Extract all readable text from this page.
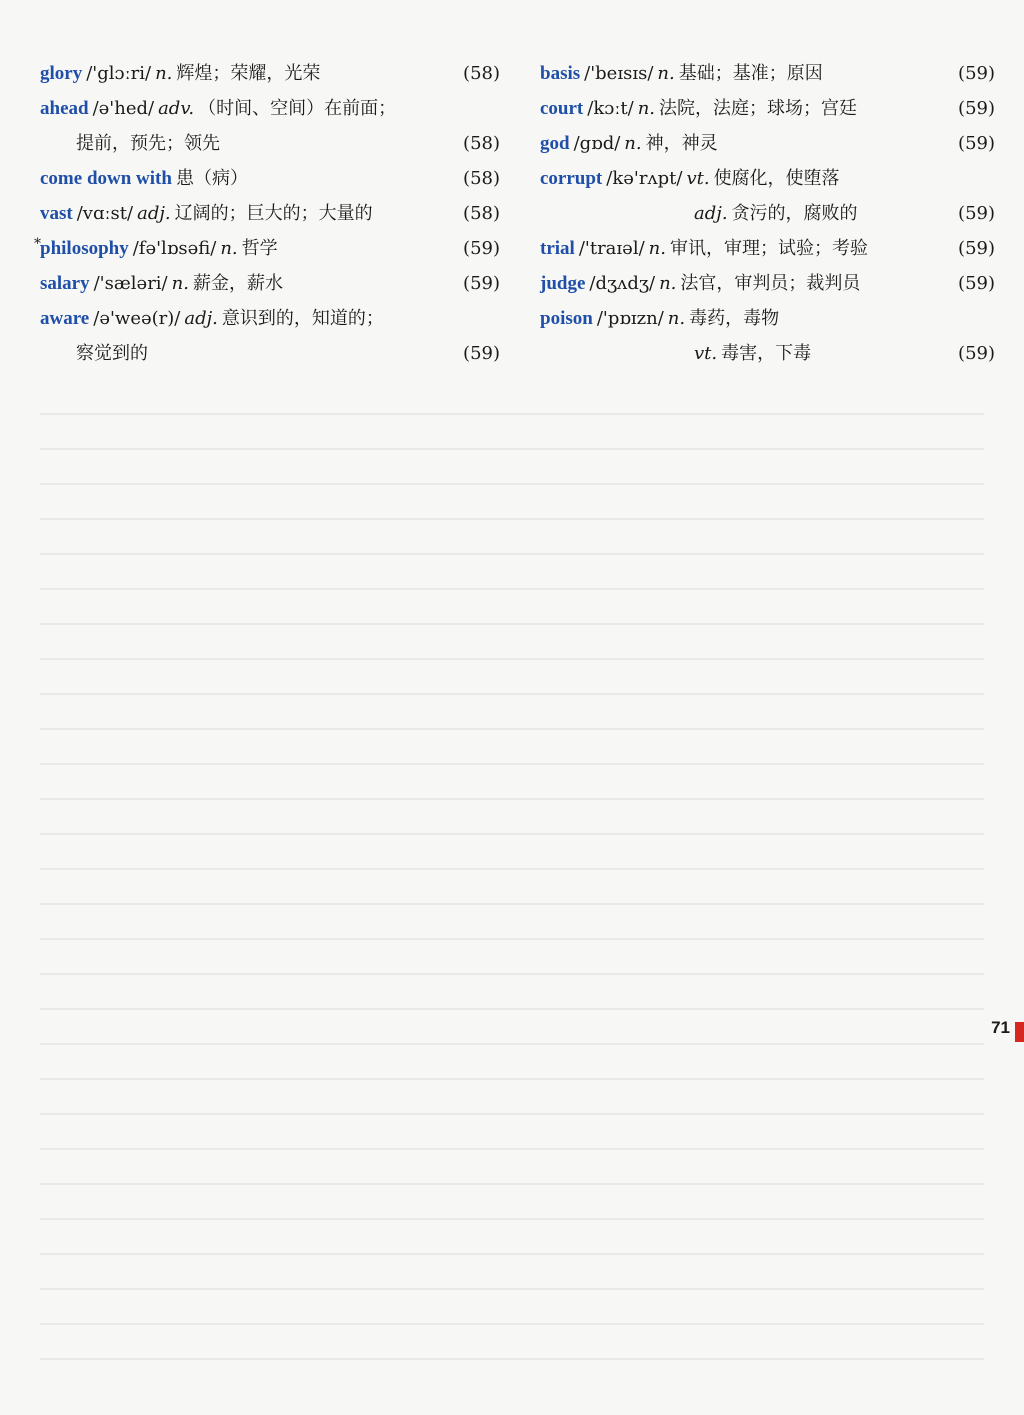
glory /'glɔːri/ n. 辉煌；荣耀，光荣	(58)
ahead /ə'hed/ adv. （时间、空间）在前面；
提前，预先；领先	(58)
come down with 患（病）	(58)
vast /vɑːst/ adj. 辽阔的；巨大的；大量的	(58)
* philosophy /fə'lɒsəfi/ n. 哲学	(59)
salary /'sæləri/ n. 薪金，薪水	(59)
aware /ə'weə(r)/ adj. 意识到的，知道的；
察觉到的	(59)
basis /'beɪsɪs/ n. 基础；基准；原因	(59)
court /kɔːt/ n. 法院，法庭；球场；宫廷	(59)
god /gɒd/ n. 神，神灵	(59)
corrupt /kə'rʌpt/ vt. 使腐化，使堕落
adj. 贪污的，腐败的	(59)
trial /'traɪəl/ n. 审讯，审理；试验；考验	(59)
judge /dʒʌdʒ/ n. 法官，审判员；裁判员	(59)
poison /'pɒɪzn/ n. 毒药，毒物
vt. 毒害，下毒	(59)
71
